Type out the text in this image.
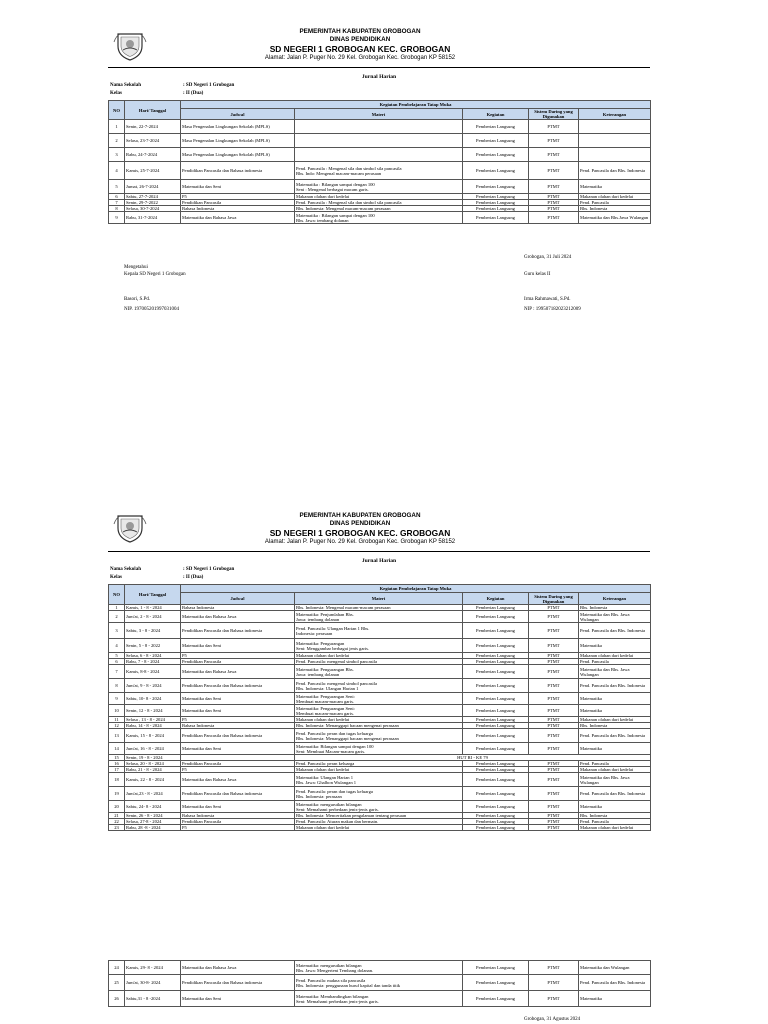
PEMERINTAH KABUPATEN GROBOGAN
DINAS PENDIDIKAN
SD NEGERI 1 GROBOGAN KEC. GROBOGAN
Alamat: Jalan P. Puger No. 29 Kel. Grobogan Kec. Grobogan KP 58152
Jurnal Harian
Nama Sekolah	: SD Negeri 1 Grobogan
Kelas	: II (Dua)
NO	Hari/ Tanggal	Kegiatan Pembelajaran Tatap Muka				
		Jadwal	Materi	Kegiatan	Sistem Daring yang Digunakan	Keterangan
1	Senin, 22-7-2024	Masa Pengenalan Lingkungan Sekolah (MPLS)		Pemberian Langsung	PTMT	
2	Selasa, 23-7-2024	Masa Pengenalan Lingkungan Sekolah (MPLS)		Pemberian Langsung	PTMT	
3	Rabu, 24-7-2024	Masa Pengenalan Lingkungan Sekolah (MPLS)		Pemberian Langsung	PTMT	
4	Kamis, 25-7-2024	Pendidikan Pancasila dan Bahasa indonesia	Pend. Pancasila : Mengenal sila dan simbol sila pancasila
Bhs. Indo: Mengenal macam-macam perasaan	Pemberian Langsung	PTMT	Pend. Pancasila dan Bhs. Indonesia
5	Jumat, 26-7-2024	Matematika dan Seni	Matematika : Bilangan sampai dengan 100
Seni : Mengenal berbagai macam garis.	Pemberian Langsung	PTMT	Matematika
6	Sabtu, 27-7-2024	P5	Makanan olahan dari kedelai	Pemberian Langsung	PTMT	Makanan olahan dari kedelai
7	Senin, 29-7-2022	Pendidikan Pancasila	Pend. Pancasila : Mengenal sila dan simbol sila pancasila	Pemberian Langsung	PTMT	Pend. Pancasila
8	Selasa, 30-7-2024	Bahasa Indonesia	Bhs. Indonesia: Mengenal macam-macam perasaan	Pemberian Langsung	PTMT	Bhs. Indonesia
9	Rabu, 31-7-2024	Matematika dan Bahasa Jawa	Matematika : Bilangan sampai dengan 100
Bhs. Jawa: tembang dolanan	Pemberian Langsung	PTMT	Matematika dan Bhs.Jawa Wulangan
Grobogan, 31 Juli 2024
Mengetahui
Kepala SD Negeri 1 Grobogan	Guru kelas II
Basori, S.Pd.
NIP. 197005201997031004
Irma Rahmawati, S.Pd.
NIP : 199507182023212009
PEMERINTAH KABUPATEN GROBOGAN
DINAS PENDIDIKAN
SD NEGERI 1 GROBOGAN KEC. GROBOGAN
Alamat: Jalan P. Puger No. 29 Kel. Grobogan Kec. Grobogan KP 58152
Jurnal Harian
Nama Sekolah	: SD Negeri 1 Grobogan
Kelas	: II (Dua)
NO	Hari/ Tanggal	Kegiatan Pembelajaran Tatap Muka				
		Jadwal	Materi	Kegiatan	Sistem Daring yang Digunakan	Keterangan
1	Kamis, 1 - 8 - 2024	Bahasa Indonesia	Bhs. Indonesia: Mengenal macam-macam perasaan	Pemberian Langsung	PTMT	Bhs. Indonesia
2	Jum'at, 2 - 8 - 2024	Matematika dan Bahasa Jawa	Matematika: Penjumlahan Bhs.
Jawa: tembang dolanan	Pemberian Langsung	PTMT	Matematika dan Bhs. Jawa Wulangan
3	Sabtu, 3 - 8 - 2024	Pendidikan Pancasila dan Bahasa indonesia	Pend. Pancasila: Ulangan Harian 1 Bhs.
Indonesia: perasaan	Pemberian Langsung	PTMT	Pend. Pancasila dan Bhs. Indonesia
4	Senin, 5 - 8 - 2022	Matematika dan Seni	Matematika: Pengurangan
Seni: Menggambar berbagai jenis garis.	Pemberian Langsung	PTMT	Matematika
5	Selasa, 6 - 8 - 2024	P5	Makanan olahan dari kedelai	Pemberian Langsung	PTMT	Makanan olahan dari kedelai
6	Rabu, 7 - 8 - 2024	Pendidikan Pancasila	Pend. Pancasila: mengenal simbol pancasila	Pemberian Langsung	PTMT	Pend. Pancasila
7	Kamis, 8-8 - 2024	Matematika dan Bahasa Jawa	Matematika: Pengurangan Bhs.
Jawa: tembang dolanan	Pemberian Langsung	PTMT	Matematika dan Bhs. Jawa Wulangan
8	Jum'at, 9 - 8 - 2024	Pendidikan Pancasila dan Bahasa indonesia	Pend. Pancasila: mengenal simbol pancasila
Bhs. Indonesia: Ulangan Harian 1	Pemberian Langsung	PTMT	Pend. Pancasila dan Bhs. Indonesia
9	Sabtu, 10- 8 - 2024	Matematika dan Seni	Matematika: Pengurangan Seni:
Membuat macam-macam garis.	Pemberian Langsung	PTMT	Matematika
10	Senin, 12 - 8 - 2024	Matematika dan Seni	Matematika: Pengurangan Seni:
Membuat macam-macam garis.	Pemberian Langsung	PTMT	Matematika
11	Selasa , 13 - 8 - 2024	P5	Makanan olahan dari kedelai	Pemberian Langsung	PTMT	Makanan olahan dari kedelai
12	Rabu, 14 - 8 - 2024	Bahasa Indonesia	Bhs. Indonesia: Menanggapi bacaan mengenai perasaan	Pemberian Langsung	PTMT	Bhs. Indonesia
13	Kamis, 15 - 8 - 2024	Pendidikan Pancasila dan Bahasa indonesia	Pend. Pancasila: peran dan tugas keluarga
Bhs. Indonesia: Menanggapi bacaan mengenai perasaan	Pemberian Langsung	PTMT	Pend. Pancasila dan Bhs. Indonesia
14	Jum'at, 16 - 8 - 2024	Matematika dan Seni	Matematika: Bilangan sampai dengan 100
Seni: Membuat Macam-macam garis.	Pemberian Langsung	PTMT	Matematika
15	Senin, 19 - 8 - 2024		HUT RI - KE 79			
16	Selasa, 20 - 8 - 2024	Pendidikan Pancasila	Pend. Pancasila: peran keluarga	Pemberian Langsung	PTMT	Pend. Pancasila
17	Rabu, 21 - 8 - 2024	P5	Makanan olahan dari kedelai	Pemberian Langsung	PTMT	Makanan olahan dari kedelai
18	Kamis, 22 - 8 - 2024	Matematika dan Bahasa Jawa	Matematika: Ulangan Harian 1
Bhs. Jawa: Ghalbon Wulangan 1	Pemberian Langsung	PTMT	Matematika dan Bhs. Jawa Wulangan
19	Jum'at,23 - 8 - 2024	Pendidikan Pancasila dan Bahasa indonesia	Pend. Pancasila: peran dan tugas keluarga
Bhs. Indonesia: perasaan	Pemberian Langsung	PTMT	Pend. Pancasila dan Bhs. Indonesia
20	Sabtu, 24- 8 - 2024	Matematika dan Seni	Matematika: mengurutkan bilangan
Seni: Memahami perbedaan jenis-jenis garis.	Pemberian Langsung	PTMT	Matematika
21	Senin, 26 - 8 - 2024	Bahasa Indonesia	Bhs. Indonesia: Menceritakan pengalaman tentang perasaan	Pemberian Langsung	PTMT	Bhs. Indonesia
22	Selasa, 27-8 - 2024	Pendidikan Pancasila	Pend. Pancasila: Aturan makan dan bermain.	Pemberian Langsung	PTMT	Pend. Pancasila
23	Rabu, 28 -8 - 2024	P5	Makanan olahan dari kedelai	Pemberian Langsung	PTMT	Makanan olahan dari kedelai
24	Kamis, 29- 8 - 2024	Matematika dan Bahasa Jawa	Matematika: mengurutkan bilangan
Bhs. Jawa: Mengerteni Tembang dolanan.	Pemberian Langsung	PTMT	Matematika dan Wulangan
25	Jum'at, 30-8- 2024	Pendidikan Pancasila dan Bahasa indonesia	Pend. Pancasila: makna sila pancasila
Bhs. Indonesia: penggunaan huruf kapital dan tanda titik	Pemberian Langsung	PTMT	Pend. Pancasila dan Bhs. Indonesia
26	Sabtu,31 - 8 -2024	Matematika dan Seni	Matematika: Membandingkan bilangan
Seni: Memahami perbedaan jenis-jenis garis.	Pemberian Langsung	PTMT	Matematika
Grobogan, 31 Agustus 2024
